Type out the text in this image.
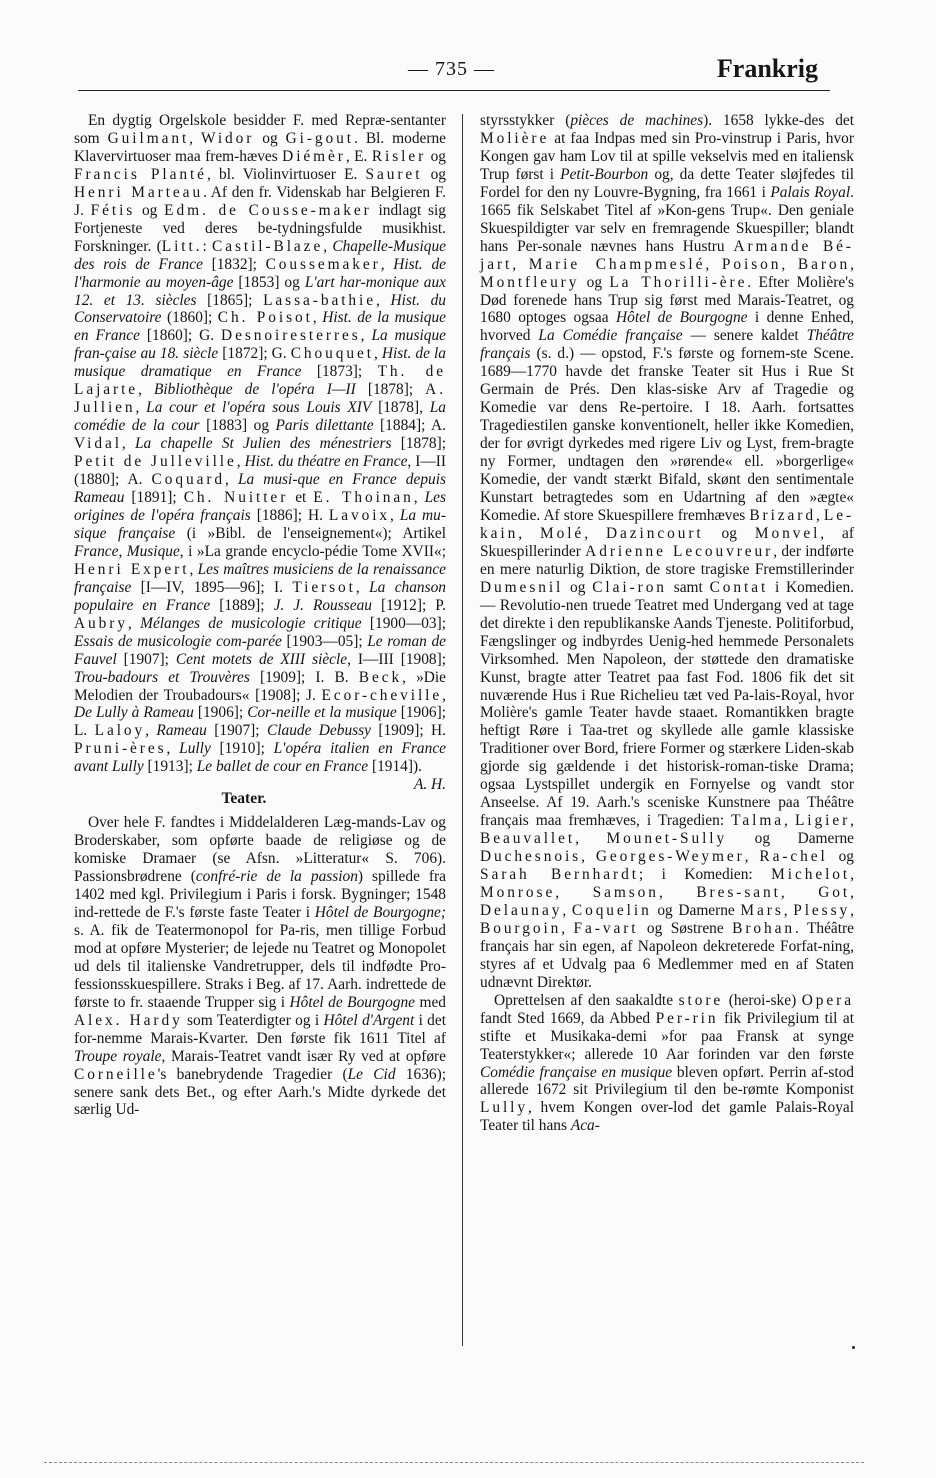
— 735 —	Frankrig

En dygtig Orgelskole besidder F. med Repræ-sentanter som Guilmant, Widor og Gi-gout. Bl. moderne Klavervirtuoser maa frem-hæves Diémèr, E. Risler og Francis Planté, bl. Violinvirtuoser E. Sauret og Henri Marteau. Af den fr. Videnskab har Belgieren F. J. Fétis og Edm. de Cousse-maker indlagt sig Fortjeneste ved deres be-tydningsfulde musikhist. Forskninger. (Litt.: Castil-Blaze, Chapelle-Musique des rois de France [1832]; Coussemaker, Hist. de l'harmonie au moyen-âge [1853] og L'art har-monique aux 12. et 13. siècles [1865]; Lassa-bathie, Hist. du Conservatoire (1860]; Ch. Poisot, Hist. de la musique en France [1860]; G. Desnoiresterres, La musique fran-çaise au 18. siècle [1872]; G. Chouquet, Hist. de la musique dramatique en France [1873]; Th. de Lajarte, Bibliothèque de l'opéra I—II [1878]; A. Jullien, La cour et l'opéra sous Louis XIV [1878], La comédie de la cour [1883] og Paris dilettante [1884]; A. Vidal, La chapelle St Julien des ménestriers [1878]; Petit de Julleville, Hist. du théatre en France, I—II (1880]; A. Coquard, La musi-que en France depuis Rameau [1891]; Ch. Nuitter et E. Thoinan, Les origines de l'opéra français [1886]; H. Lavoix, La mu-sique française (i »Bibl. de l'enseignement«); Artikel France, Musique, i »La grande encyclo-pédie Tome XVII«; Henri Expert, Les maîtres musiciens de la renaissance française [I—IV, 1895—96]; I. Tiersot, La chanson populaire en France [1889]; J. J. Rousseau [1912]; P. Aubry, Mélanges de musicologie critique [1900—03]; Essais de musicologie com-parée [1903—05]; Le roman de Fauvel [1907]; Cent motets de XIII siècle, I—III [1908]; Trou-badours et Trouvères [1909]; I. B. Beck, »Die Melodien der Troubadours« [1908]; J. Ecor-cheville, De Lully à Rameau [1906]; Cor-neille et la musique [1906]; L. Laloy, Rameau [1907]; Claude Debussy [1909]; H. Pruni-ères, Lully [1910]; L'opéra italien en France avant Lully [1913]; Le ballet de cour en France [1914]).

A. H.

Teater.

Over hele F. fandtes i Middelalderen Læg-mands-Lav og Broderskaber, som opførte baade de religiøse og de komiske Dramaer (se Afsn. »Litteratur« S. 706). Passionsbrødrene (confré-rie de la passion) spillede fra 1402 med kgl. Privilegium i Paris i forsk. Bygninger; 1548 ind-rettede de F.'s første faste Teater i Hôtel de Bourgogne; s. A. fik de Teatermonopol for Pa-ris, men tillige Forbud mod at opføre Mysterier; de lejede nu Teatret og Monopolet ud dels til italienske Vandretrupper, dels til indfødte Pro-fessionsskuespillere. Straks i Beg. af 17. Aarh. indrettede de første to fr. staaende Trupper sig i Hôtel de Bourgogne med Alex. Hardy som Teaterdigter og i Hôtel d'Argent i det for-nemme Marais-Kvarter. Den første fik 1611 Titel af Troupe royale, Marais-Teatret vandt især Ry ved at opføre Corneille's banebrydende Tragedier (Le Cid 1636); senere sank dets Bet., og efter Aarh.'s Midte dyrkede det særlig Ud-

styrsstykker (pièces de machines). 1658 lykke-des det Molière at faa Indpas med sin Pro-vinstrup i Paris, hvor Kongen gav ham Lov til at spille vekselvis med en italiensk Trup først i Petit-Bourbon og, da dette Teater sløjfedes til Fordel for den ny Louvre-Bygning, fra 1661 i Palais Royal. 1665 fik Selskabet Titel af »Kon-gens Trup«. Den geniale Skuespildigter var selv en fremragende Skuespiller; blandt hans Per-sonale nævnes hans Hustru Armande Bé-jart, Marie Champmeslé, Poison, Baron, Montfleury og La Thorilli-ère. Efter Molière's Død forenede hans Trup sig først med Marais-Teatret, og 1680 optoges ogsaa Hôtel de Bourgogne i denne Enhed, hvorved La Comédie française — senere kaldet Théâtre français (s. d.) — opstod, F.'s første og fornem-ste Scene. 1689—1770 havde det franske Teater sit Hus i Rue St Germain de Prés. Den klas-siske Arv af Tragedie og Komedie var dens Re-pertoire. I 18. Aarh. fortsattes Tragediestilen ganske konventionelt, heller ikke Komedien, der for øvrigt dyrkedes med rigere Liv og Lyst, frem-bragte ny Former, undtagen den »rørende« ell. »borgerlige« Komedie, der vandt stærkt Bifald, skønt den sentimentale Kunstart betragtedes som en Udartning af den »ægte« Komedie. Af store Skuespillere fremhæves Brizard, Le-kain, Molé, Dazincourt og Monvel, af Skuespillerinder Adrienne Lecouvreur, der indførte en mere naturlig Diktion, de store tragiske Fremstillerinder Dumesnil og Clai-ron samt Contat i Komedien. — Revolutio-nen truede Teatret med Undergang ved at tage det direkte i den republikanske Aands Tjeneste. Politiforbud, Fængslinger og indbyrdes Uenig-hed hemmede Personalets Virksomhed. Men Napoleon, der støttede den dramatiske Kunst, bragte atter Teatret paa fast Fod. 1806 fik det sit nuværende Hus i Rue Richelieu tæt ved Pa-lais-Royal, hvor Molière's gamle Teater havde staaet. Romantikken bragte heftigt Røre i Taa-tret og skyllede alle gamle klassiske Traditioner over Bord, friere Former og stærkere Liden-skab gjorde sig gældende i det historisk-roman-tiske Drama; ogsaa Lystspillet undergik en Fornyelse og vandt stor Anseelse. Af 19. Aarh.'s sceniske Kunstnere paa Théâtre français maa fremhæves, i Tragedien: Talma, Ligier, Beauvallet, Mounet-Sully og Damerne Duchesnois, Georges-Weymer, Ra-chel og Sarah Bernhardt; i Komedien: Michelot, Monrose, Samson, Bres-sant, Got, Delaunay, Coquelin og Damerne Mars, Plessy, Bourgoin, Fa-vart og Søstrene Brohan. Théâtre français har sin egen, af Napoleon dekreterede Forfat-ning, styres af et Udvalg paa 6 Medlemmer med en af Staten udnævnt Direktør.

Oprettelsen af den saakaldte store (heroi-ske) Opera fandt Sted 1669, da Abbed Per-rin fik Privilegium til at stifte et Musikaka-demi »for paa Fransk at synge Teaterstykker«; allerede 10 Aar forinden var den første Comédie française en musique bleven opført. Perrin af-stod allerede 1672 sit Privilegium til den be-rømte Komponist Lully, hvem Kongen over-lod det gamle Palais-Royal Teater til hans Aca-
